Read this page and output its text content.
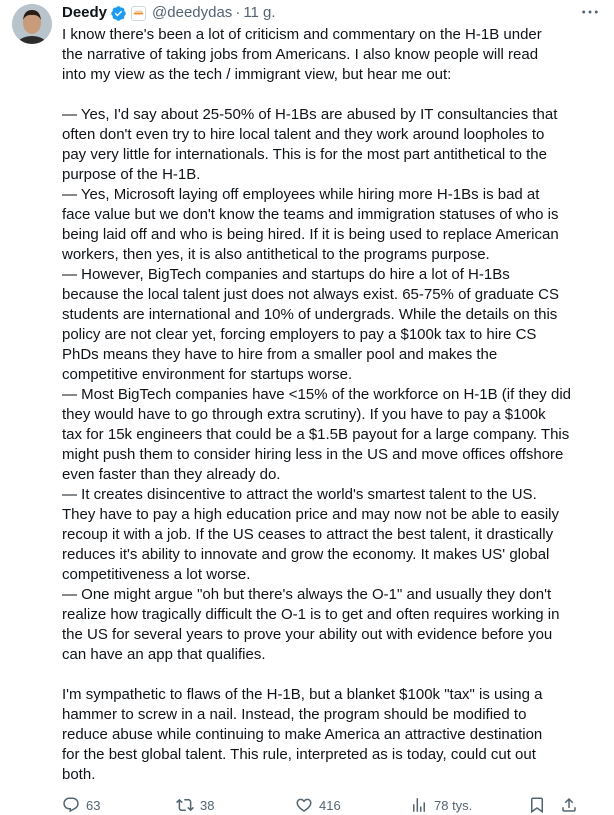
Deedy	@deedydas · 11 g.
I know there's been a lot of criticism and commentary on the H-1B under
the narrative of taking jobs from Americans. I also know people will read
into my view as the tech / immigrant view, but hear me out:
— Yes, I'd say about 25-50% of H-1Bs are abused by IT consultancies that
often don't even try to hire local talent and they work around loopholes to
pay very little for internationals. This is for the most part antithetical to the
purpose of the H-1B.
— Yes, Microsoft laying off employees while hiring more H-1Bs is bad at
face value but we don't know the teams and immigration statuses of who is
being laid off and who is being hired. If it is being used to replace American
workers, then yes, it is also antithetical to the programs purpose.
— However, BigTech companies and startups do hire a lot of H-1Bs
because the local talent just does not always exist. 65-75% of graduate CS
students are international and 10% of undergrads. While the details on this
policy are not clear yet, forcing employers to pay a $100k tax to hire CS
PhDs means they have to hire from a smaller pool and makes the
competitive environment for startups worse.
— Most BigTech companies have <15% of the workforce on H-1B (if they did
they would have to go through extra scrutiny). If you have to pay a $100k
tax for 15k engineers that could be a $1.5B payout for a large company. This
might push them to consider hiring less in the US and move offices offshore
even faster than they already do.
— It creates disincentive to attract the world's smartest talent to the US.
They have to pay a high education price and may now not be able to easily
recoup it with a job. If the US ceases to attract the best talent, it drastically
reduces it's ability to innovate and grow the economy. It makes US' global
competitiveness a lot worse.
— One might argue "oh but there's always the O-1" and usually they don't
realize how tragically difficult the O-1 is to get and often requires working in
the US for several years to prove your ability out with evidence before you
can have an app that qualifies.
I'm sympathetic to flaws of the H-1B, but a blanket $100k "tax" is using a
hammer to screw in a nail. Instead, the program should be modified to
reduce abuse while continuing to make America an attractive destination
for the best global talent. This rule, interpreted as is today, could cut out
both.
63	38	416	78 tys.
